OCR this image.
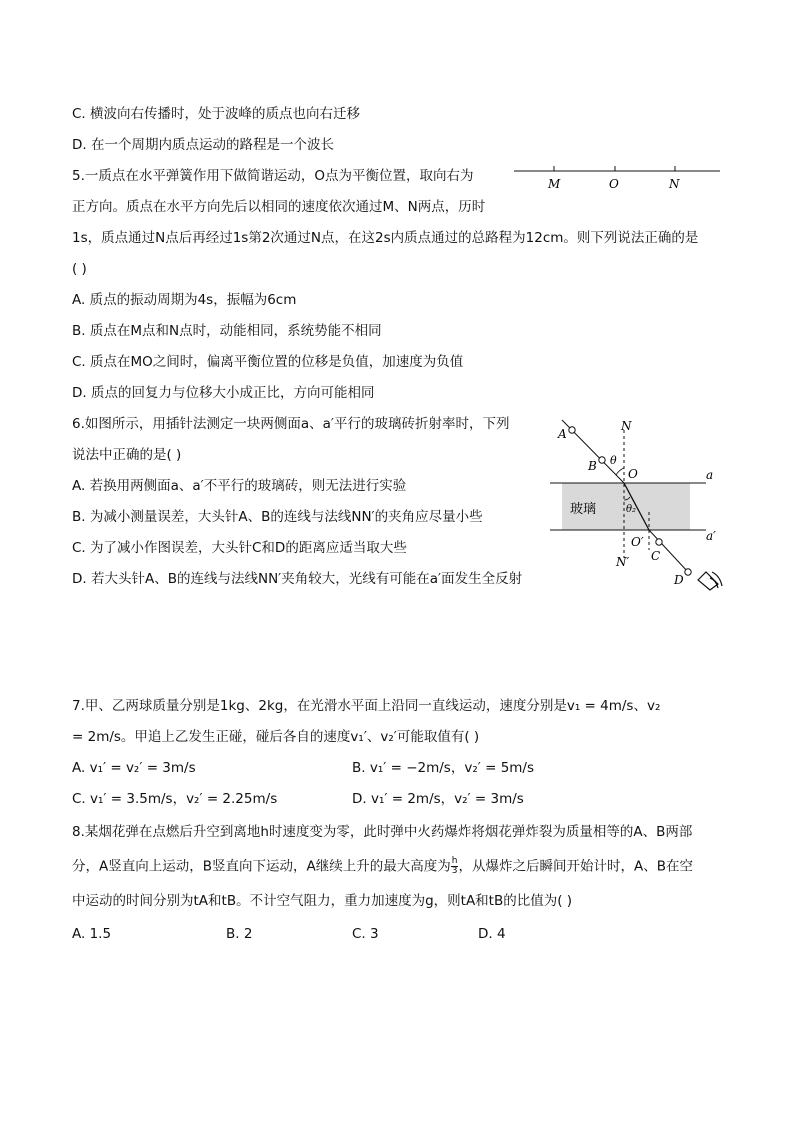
C. 横波向右传播时，处于波峰的质点也向右迁移
D. 在一个周期内质点运动的路程是一个波长
5.一质点在水平弹簧作用下做简谐运动，O点为平衡位置，取向右为
正方向。质点在水平方向先后以相同的速度依次通过M、N两点，历时
1s，质点通过N点后再经过1s第2次通过N点，在这2s内质点通过的总路程为12cm。则下列说法正确的是
( )
A. 质点的振动周期为4s，振幅为6cm
B. 质点在M点和N点时，动能相同，系统势能不相同
C. 质点在MO之间时，偏离平衡位置的位移是负值，加速度为负值
D. 质点的回复力与位移大小成正比，方向可能相同
M	O	N
6.如图所示，用插针法测定一块两侧面a、a′平行的玻璃砖折射率时，下列
说法中正确的是( )
A. 若换用两侧面a、a′不平行的玻璃砖，则无法进行实验
B. 为减小测量误差，大头针A、B的连线与法线NN′的夹角应尽量小些
C. 为了减小作图误差，大头针C和D的距离应适当取大些
D. 若大头针A、B的连线与法线NN′夹角较大，光线有可能在a′面发生全反射
A
B
C
D
N
N′
O
O′
θ
θ₂
a
a′
玻璃
7.甲、乙两球质量分别是1kg、2kg，在光滑水平面上沿同一直线运动，速度分别是v₁ = 4m/s、v₂
= 2m/s。甲追上乙发生正碰，碰后各自的速度v₁′、v₂′可能取值有( )
A. v₁′ = v₂′ = 3m/s	B. v₁′ = −2m/s，v₂′ = 5m/s
C. v₁′ = 3.5m/s，v₂′ = 2.25m/s	D. v₁′ = 2m/s，v₂′ = 3m/s
8.某烟花弹在点燃后升空到离地h时速度变为零，此时弹中火药爆炸将烟花弹炸裂为质量相等的A、B两部
分，A竖直向上运动，B竖直向下运动，A继续上升的最大高度为 $\frac{h}{3}$ ，从爆炸之后瞬间开始计时，A、B在空
中运动的时间分别为tA和tB。不计空气阻力，重力加速度为g，则tA和tB的比值为( )
A. 1.5	B. 2	C. 3	D. 4
